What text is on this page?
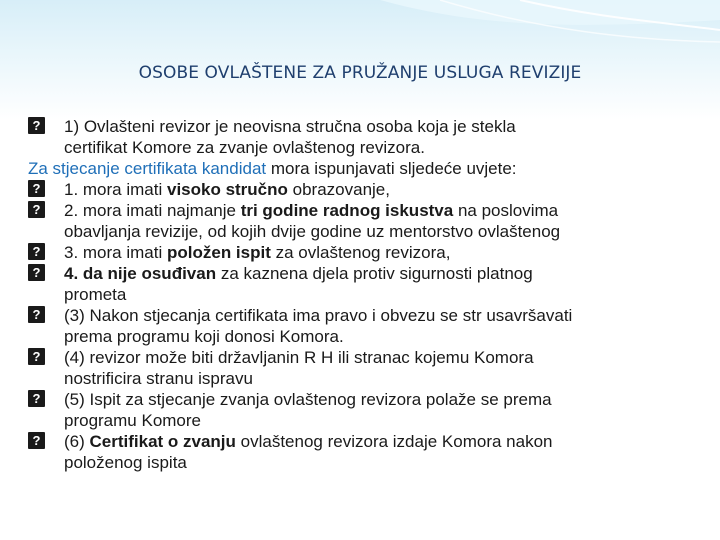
OSOBE OVLAŠTENE ZA PRUŽANJE USLUGA REVIZIJE
? 1) Ovlašteni revizor je neovisna stručna osoba koja je stekla
certifikat Komore za zvanje ovlaštenog revizora.
Za stjecanje certifikata kandidat mora ispunjavati sljedeće uvjete:
? 1. mora imati visoko stručno obrazovanje,
? 2. mora imati najmanje tri godine radnog iskustva na poslovima
obavljanja revizije, od kojih dvije godine uz mentorstvo ovlaštenog
? 3. mora imati položen ispit za ovlaštenog revizora,
? 4. da nije osuđivan za kaznena djela protiv sigurnosti platnog
prometa
? (3) Nakon stjecanja certifikata ima pravo i obvezu se str usavršavati
prema programu koji donosi Komora.
? (4) revizor može biti državljanin R H ili stranac kojemu Komora
nostrificira stranu ispravu
? (5) Ispit za stjecanje zvanja ovlaštenog revizora polaže se prema
programu Komore
? (6) Certifikat o zvanju ovlaštenog revizora izdaje Komora nakon
položenog ispita
